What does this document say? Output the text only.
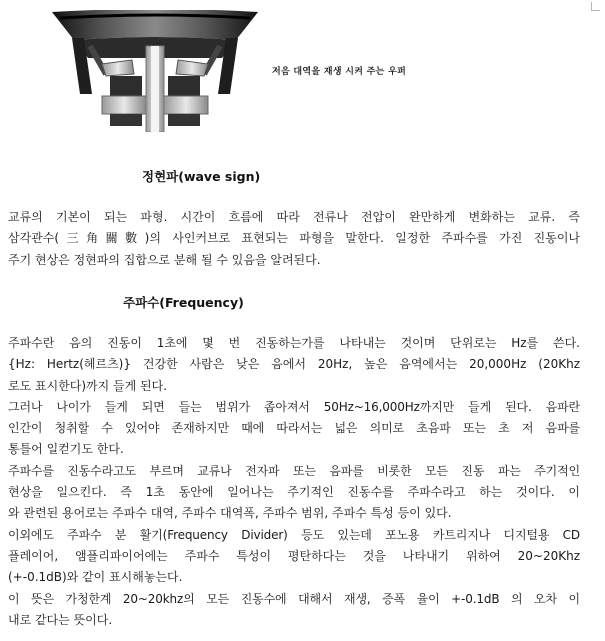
저음 대역을 재생 시켜 주는 우퍼
정현파(wave sign)
교류의 기본이 되는 파형. 시간이 흐름에 따라 전류나 전압이 완만하게 변화하는 교류. 즉
삼각관수(三角關數)의 사인커브로 표현되는 파형을 말한다. 일정한 주파수를 가진 진동이나
주기 현상은 정현파의 집합으로 분해 될 수 있음을 알려된다.
주파수(Frequency)
주파수란 음의 진동이 1초에 몇 번 진동하는가를 나타내는 것이며 단위로는 Hz를 쓴다.
{Hz: Hertz(헤르츠)} 건강한 사람은 낮은 음에서 20Hz, 높은 음역에서는 20,000Hz (20Khz
로도 표시한다)까지 들게 된다.
그러나 나이가 들게 되면 들는 범위가 좁아져서 50Hz~16,000Hz까지만 들게 된다. 음파란
인간이 청취할 수 있어야 존재하지만 때에 따라서는 넓은 의미로 초음파 또는 초 저 음파를
통틀어 일컫기도 한다.
주파수를 진동수라고도 부르며 교류나 전자파 또는 음파를 비롯한 모든 진동 파는 주기적인
현상을 일으킨다. 즉 1초 동안에 일어나는 주기적인 진동수를 주파수라고 하는 것이다. 이
와 관련된 용어로는 주파수 대역, 주파수 대역폭, 주파수 범위, 주파수 특성 등이 있다.
이외에도 주파수 분 활기(Frequency Divider) 등도 있는데 포노용 카트리지나 디지털용 CD
플레이어, 앰플리파이어에는 주파수 특성이 평탄하다는 것을 나타내기 위하여 20~20Khz
(+-0.1dB)와 같이 표시해놓는다.
이 뜻은 가청한계 20~20khz의 모든 진동수에 대해서 재생, 증폭 율이 +-0.1dB 의 오차 이
내로 같다는 뜻이다.
